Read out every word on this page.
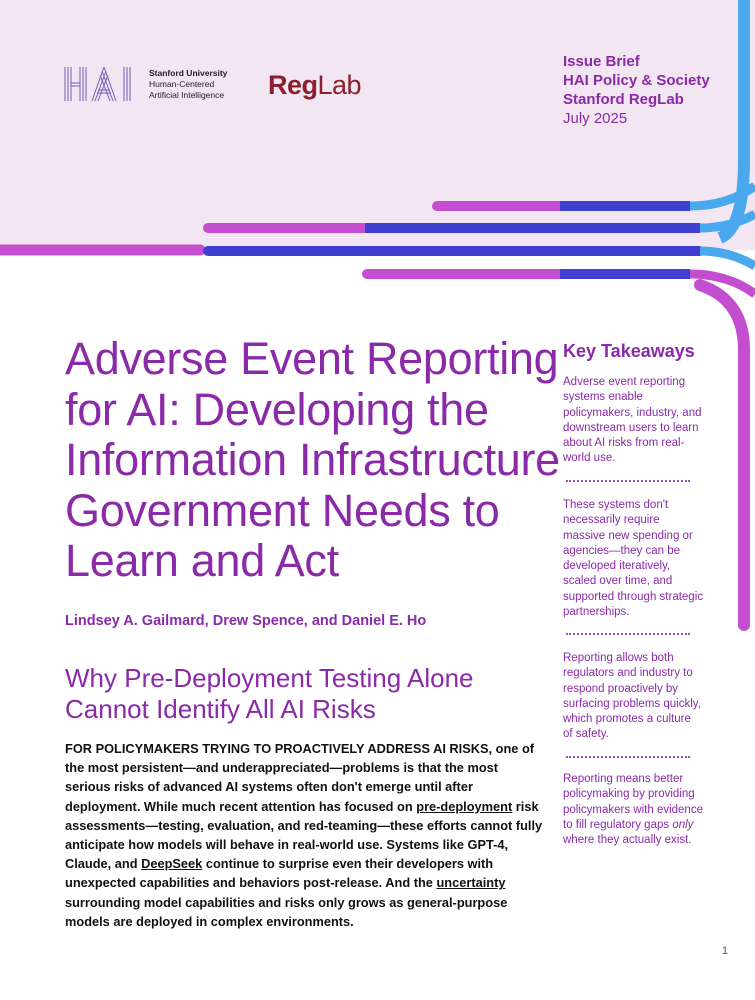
HAI
Stanford University
Human-Centered
Artificial Intelligence RegLab
Issue Brief
HAI Policy & Society
Stanford RegLab
July 2025
Adverse Event Reporting for AI: Developing the Information Infrastructure Government Needs to Learn and Act
Lindsey A. Gailmard, Drew Spence, and Daniel E. Ho
Why Pre-Deployment Testing Alone Cannot Identify All AI Risks

FOR POLICYMAKERS TRYING TO PROACTIVELY ADDRESS AI RISKS, one of the most persistent—and underappreciated—problems is that the most serious risks of advanced AI systems often don't emerge until after deployment. While much recent attention has focused on pre-deployment risk assessments—testing, evaluation, and red-teaming—these efforts cannot fully anticipate how models will behave in real-world use. Systems like GPT-4, Claude, and DeepSeek continue to surprise even their developers with unexpected capabilities and behaviors post-release. And the uncertainty surrounding model capabilities and risks only grows as general-purpose models are deployed in complex environments.

Key Takeaways

Adverse event reporting systems enable policymakers, industry, and downstream users to learn about AI risks from real-world use.

These systems don't necessarily require massive new spending or agencies—they can be developed iteratively, scaled over time, and supported through strategic partnerships.

Reporting allows both regulators and industry to respond proactively by surfacing problems quickly, which promotes a culture of safety.

Reporting means better policymaking by providing policymakers with evidence to fill regulatory gaps only where they actually exist.

1
